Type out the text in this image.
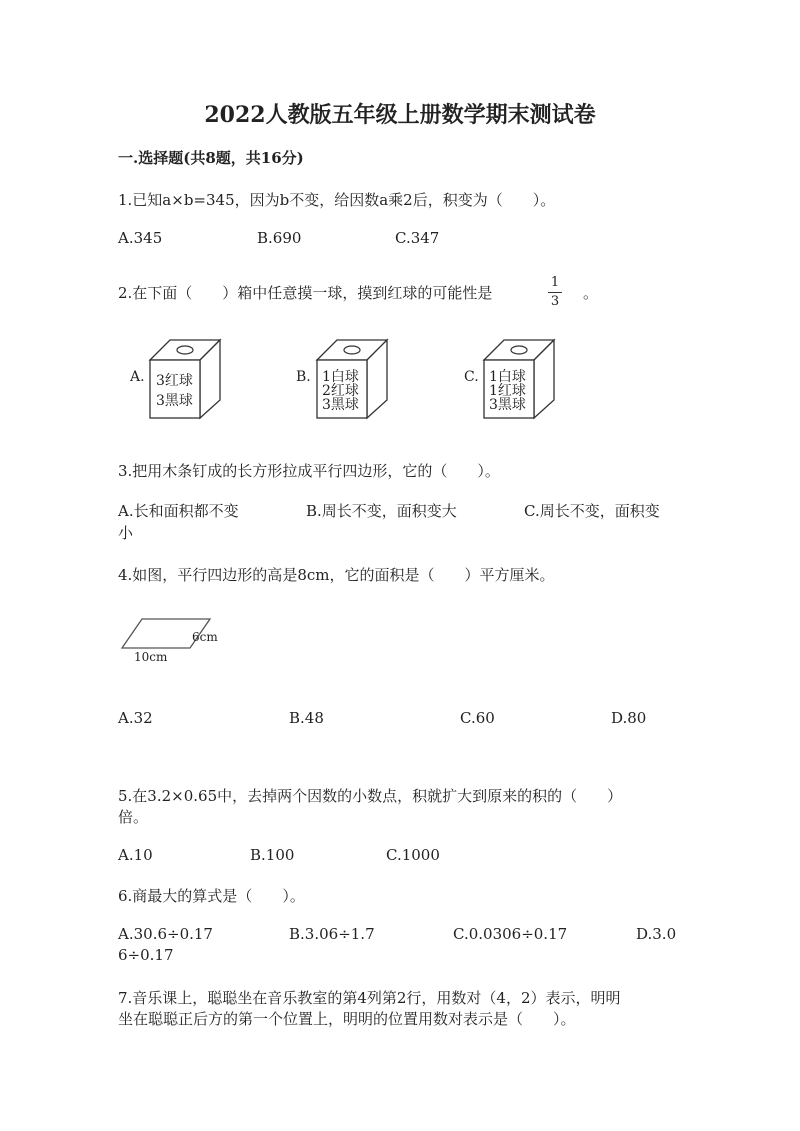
2022人教版五年级上册数学期末测试卷
一.选择题(共8题，共16分)
1.已知a×b=345，因为b不变，给因数a乘2后，积变为（　　）。
A.345	B.690	C.347
2.在下面（　　）箱中任意摸一球，摸到红球的可能性是
1
3	。
A. 3红球
3黑球
B. 1白球
2红球
3黑球
C. 1白球
1红球
3黑球
3.把用木条钉成的长方形拉成平行四边形，它的（　　）。
A.长和面积都不变	B.周长不变，面积变大	C.周长不变，面积变
小
4.如图，平行四边形的高是8cm，它的面积是（　　）平方厘米。
6cm
10cm
A.32	B.48	C.60	D.80
5.在3.2×0.65中，去掉两个因数的小数点，积就扩大到原来的积的（　　）
倍。
A.10	B.100	C.1000
6.商最大的算式是（　　）。
A.30.6÷0.17	B.3.06÷1.7	C.0.0306÷0.17	D.3.0
6÷0.17
7.音乐课上，聪聪坐在音乐教室的第4列第2行，用数对（4，2）表示，明明
坐在聪聪正后方的第一个位置上，明明的位置用数对表示是（　　）。
